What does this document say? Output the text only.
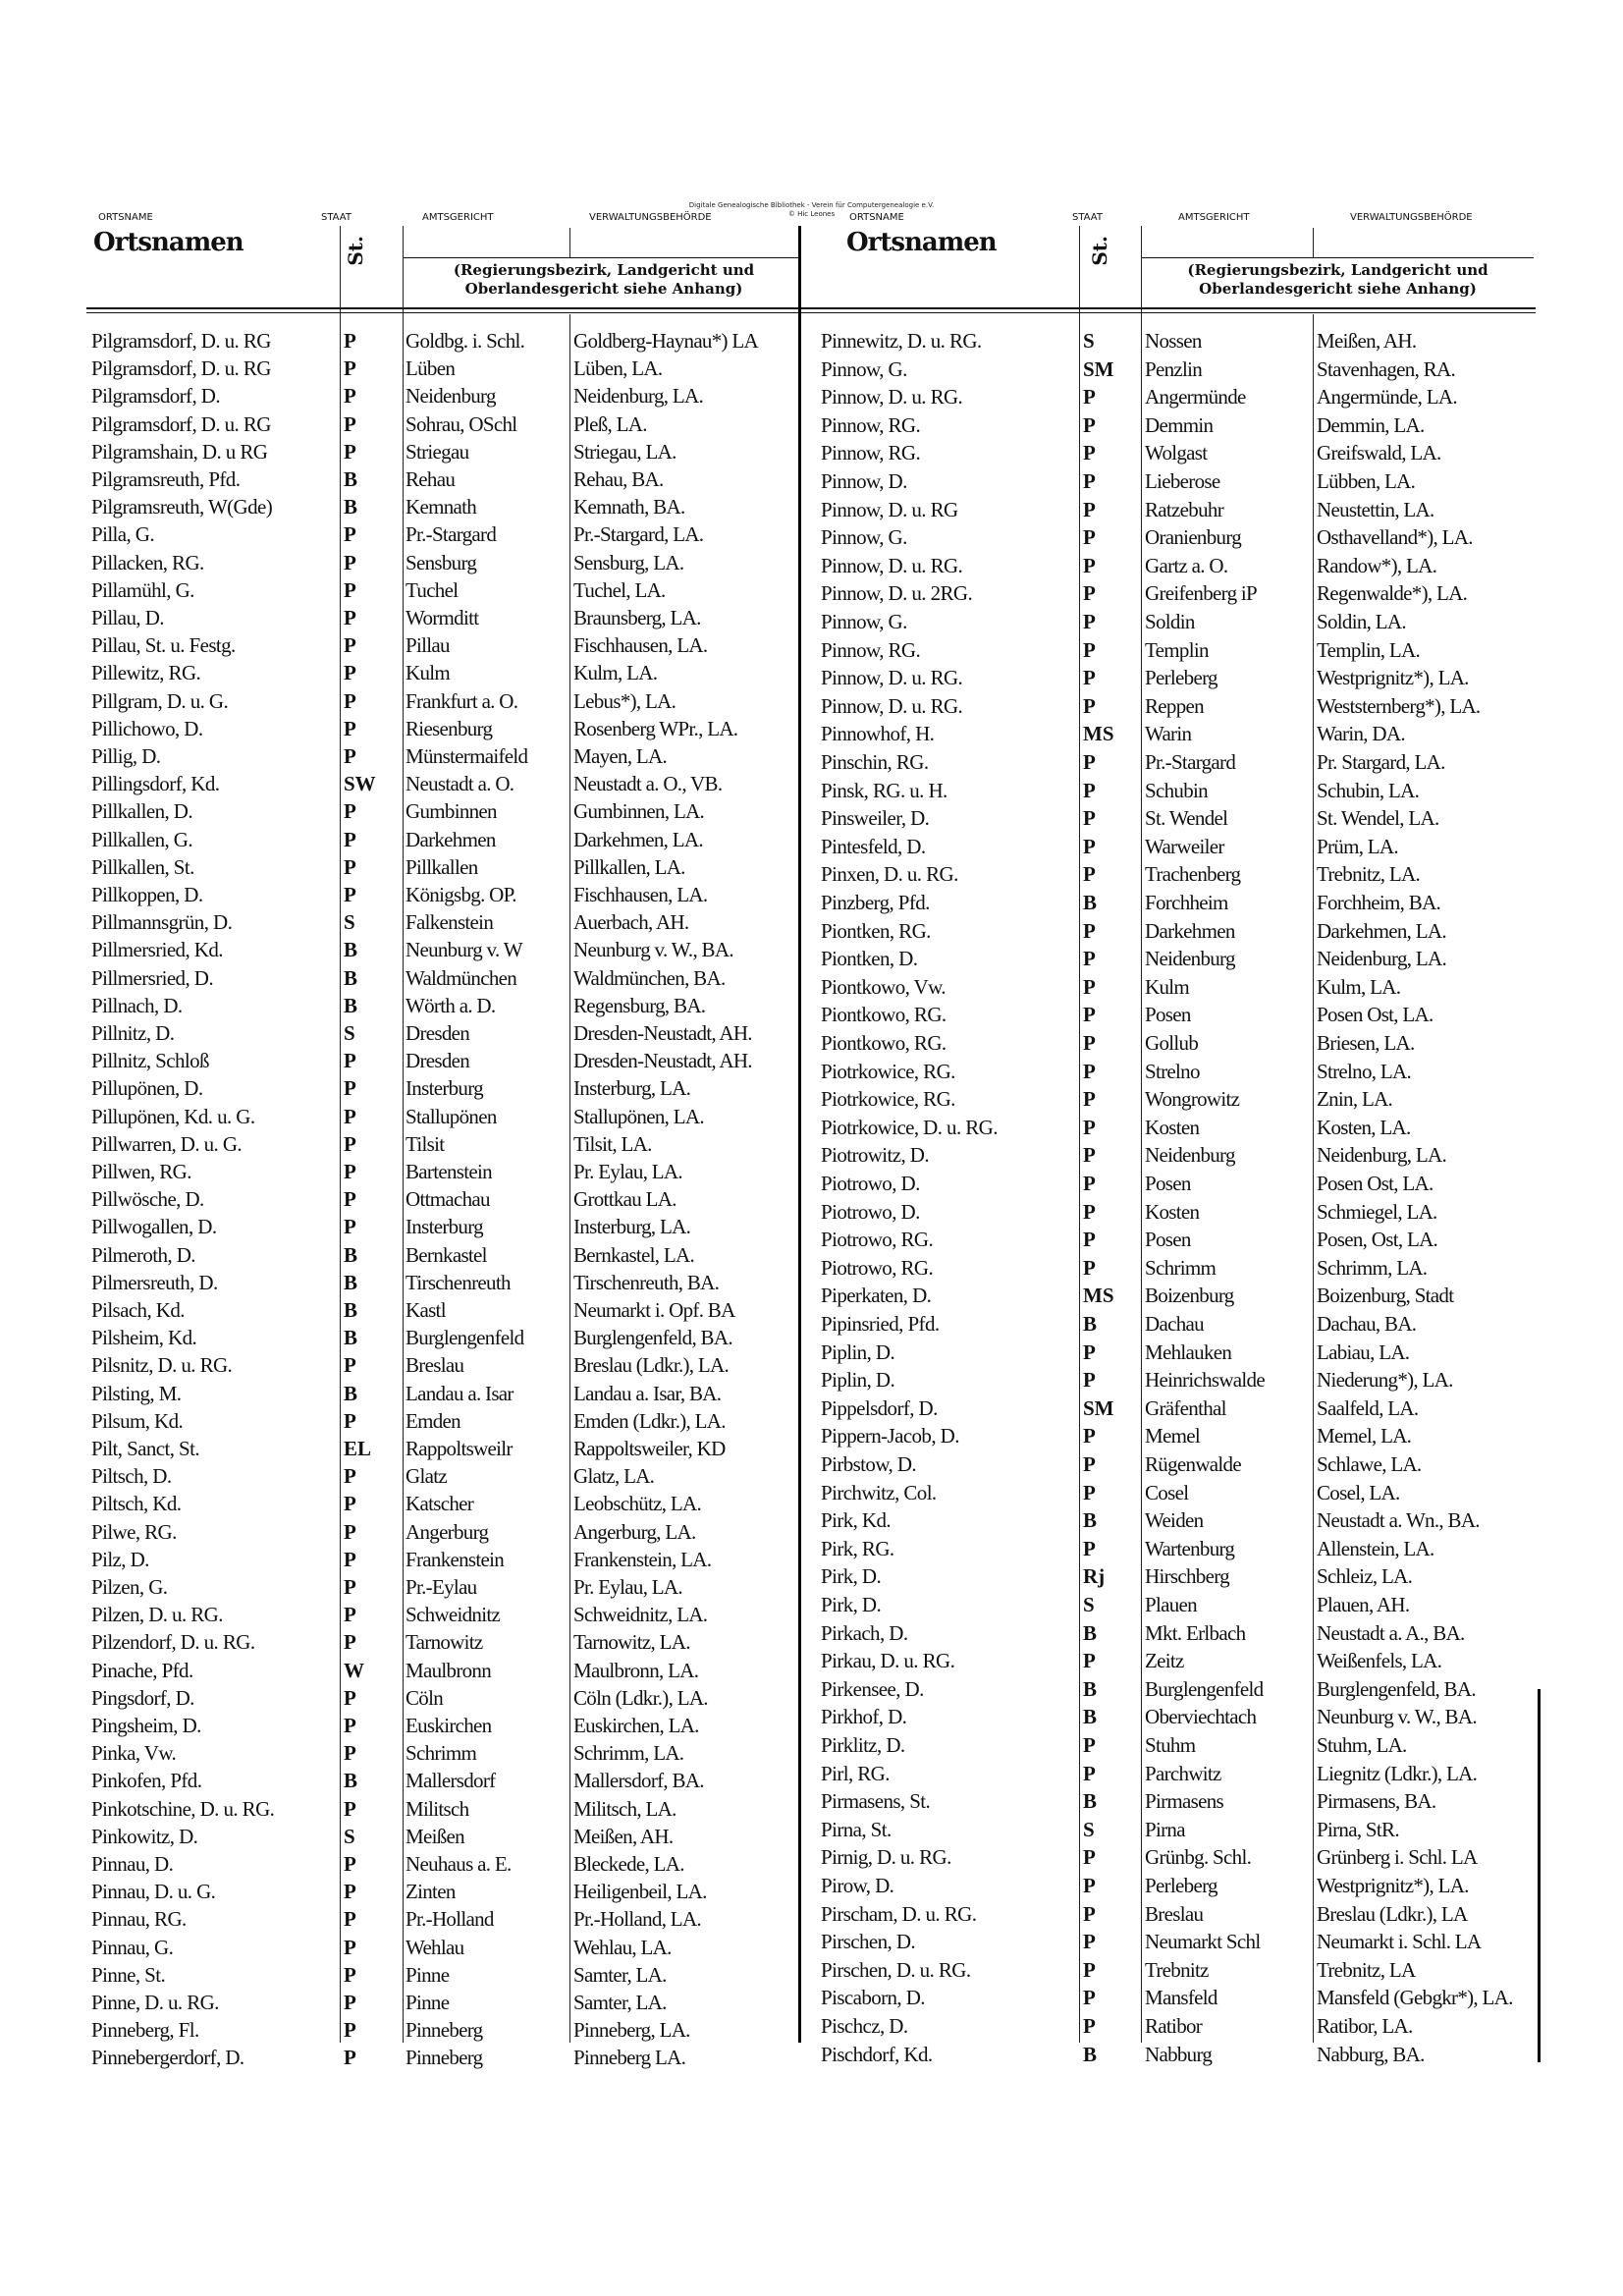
Digitale Genealogische Bibliothek - Verein für Computergenealogie e.V.
© Hic Leones
ORTSNAME	STAAT	AMTSGERICHT	VERWALTUNGSBEHÖRDE	ORTSNAME	STAAT	AMTSGERICHT	VERWALTUNGSBEHÖRDE
Ortsnamen	St.
(Regierungsbezirk, Landgericht und Oberlandesgericht siehe Anhang)
Ortsnamen	St.
(Regierungsbezirk, Landgericht und Oberlandesgericht siehe Anhang)
Pilgramsdorf, D. u. RG	P	Goldbg. i. Schl.	Goldberg-Haynau*) LA
Pilgramsdorf, D. u. RG	P	Lüben	Lüben, LA.
Pilgramsdorf, D.	P	Neidenburg	Neidenburg, LA.
Pilgramsdorf, D. u. RG	P	Sohrau, OSchl	Pleß, LA.
Pilgramshain, D. u RG	P	Striegau	Striegau, LA.
Pilgramsreuth, Pfd.	B	Rehau	Rehau, BA.
Pilgramsreuth, W(Gde)	B	Kemnath	Kemnath, BA.
Pilla, G.	P	Pr.-Stargard	Pr.-Stargard, LA.
Pillacken, RG.	P	Sensburg	Sensburg, LA.
Pillamühl, G.	P	Tuchel	Tuchel, LA.
Pillau, D.	P	Wormditt	Braunsberg, LA.
Pillau, St. u. Festg.	P	Pillau	Fischhausen, LA.
Pillewitz, RG.	P	Kulm	Kulm, LA.
Pillgram, D. u. G.	P	Frankfurt a. O.	Lebus*), LA.
Pillichowo, D.	P	Riesenburg	Rosenberg WPr., LA.
Pillig, D.	P	Münstermaifeld	Mayen, LA.
Pillingsdorf, Kd.	SW	Neustadt a. O.	Neustadt a. O., VB.
Pillkallen, D.	P	Gumbinnen	Gumbinnen, LA.
Pillkallen, G.	P	Darkehmen	Darkehmen, LA.
Pillkallen, St.	P	Pillkallen	Pillkallen, LA.
Pillkoppen, D.	P	Königsbg. OP.	Fischhausen, LA.
Pillmannsgrün, D.	S	Falkenstein	Auerbach, AH.
Pillmersried, Kd.	B	Neunburg v. W	Neunburg v. W., BA.
Pillmersried, D.	B	Waldmünchen	Waldmünchen, BA.
Pillnach, D.	B	Wörth a. D.	Regensburg, BA.
Pillnitz, D.	S	Dresden	Dresden-Neustadt, AH.
Pillnitz, Schloß	P	Dresden	Dresden-Neustadt, AH.
Pillupönen, D.	P	Insterburg	Insterburg, LA.
Pillupönen, Kd. u. G.	P	Stallupönen	Stallupönen, LA.
Pillwarren, D. u. G.	P	Tilsit	Tilsit, LA.
Pillwen, RG.	P	Bartenstein	Pr. Eylau, LA.
Pillwösche, D.	P	Ottmachau	Grottkau LA.
Pillwogallen, D.	P	Insterburg	Insterburg, LA.
Pilmeroth, D.	B	Bernkastel	Bernkastel, LA.
Pilmersreuth, D.	B	Tirschenreuth	Tirschenreuth, BA.
Pilsach, Kd.	B	Kastl	Neumarkt i. Opf. BA
Pilsheim, Kd.	B	Burglengenfeld	Burglengenfeld, BA.
Pilsnitz, D. u. RG.	P	Breslau	Breslau (Ldkr.), LA.
Pilsting, M.	B	Landau a. Isar	Landau a. Isar, BA.
Pilsum, Kd.	P	Emden	Emden (Ldkr.), LA.
Pilt, Sanct, St.	EL	Rappoltsweilr	Rappoltsweiler, KD
Piltsch, D.	P	Glatz	Glatz, LA.
Piltsch, Kd.	P	Katscher	Leobschütz, LA.
Pilwe, RG.	P	Angerburg	Angerburg, LA.
Pilz, D.	P	Frankenstein	Frankenstein, LA.
Pilzen, G.	P	Pr.-Eylau	Pr. Eylau, LA.
Pilzen, D. u. RG.	P	Schweidnitz	Schweidnitz, LA.
Pilzendorf, D. u. RG.	P	Tarnowitz	Tarnowitz, LA.
Pinache, Pfd.	W	Maulbronn	Maulbronn, LA.
Pingsdorf, D.	P	Cöln	Cöln (Ldkr.), LA.
Pingsheim, D.	P	Euskirchen	Euskirchen, LA.
Pinka, Vw.	P	Schrimm	Schrimm, LA.
Pinkofen, Pfd.	B	Mallersdorf	Mallersdorf, BA.
Pinkotschine, D. u. RG.	P	Militsch	Militsch, LA.
Pinkowitz, D.	S	Meißen	Meißen, AH.
Pinnau, D.	P	Neuhaus a. E.	Bleckede, LA.
Pinnau, D. u. G.	P	Zinten	Heiligenbeil, LA.
Pinnau, RG.	P	Pr.-Holland	Pr.-Holland, LA.
Pinnau, G.	P	Wehlau	Wehlau, LA.
Pinne, St.	P	Pinne	Samter, LA.
Pinne, D. u. RG.	P	Pinne	Samter, LA.
Pinneberg, Fl.	P	Pinneberg	Pinneberg, LA.
Pinnebergerdorf, D.	P	Pinneberg	Pinneberg LA.
Pinnewitz, D. u. RG.	S	Nossen	Meißen, AH.
Pinnow, G.	SM	Penzlin	Stavenhagen, RA.
Pinnow, D. u. RG.	P	Angermünde	Angermünde, LA.
Pinnow, RG.	P	Demmin	Demmin, LA.
Pinnow, RG.	P	Wolgast	Greifswald, LA.
Pinnow, D.	P	Lieberose	Lübben, LA.
Pinnow, D. u. RG	P	Ratzebuhr	Neustettin, LA.
Pinnow, G.	P	Oranienburg	Osthavelland*), LA.
Pinnow, D. u. RG.	P	Gartz a. O.	Randow*), LA.
Pinnow, D. u. 2RG.	P	Greifenberg iP	Regenwalde*), LA.
Pinnow, G.	P	Soldin	Soldin, LA.
Pinnow, RG.	P	Templin	Templin, LA.
Pinnow, D. u. RG.	P	Perleberg	Westprignitz*), LA.
Pinnow, D. u. RG.	P	Reppen	Weststernberg*), LA.
Pinnowhof, H.	MS	Warin	Warin, DA.
Pinschin, RG.	P	Pr.-Stargard	Pr. Stargard, LA.
Pinsk, RG. u. H.	P	Schubin	Schubin, LA.
Pinsweiler, D.	P	St. Wendel	St. Wendel, LA.
Pintesfeld, D.	P	Warweiler	Prüm, LA.
Pinxen, D. u. RG.	P	Trachenberg	Trebnitz, LA.
Pinzberg, Pfd.	B	Forchheim	Forchheim, BA.
Piontken, RG.	P	Darkehmen	Darkehmen, LA.
Piontken, D.	P	Neidenburg	Neidenburg, LA.
Piontkowo, Vw.	P	Kulm	Kulm, LA.
Piontkowo, RG.	P	Posen	Posen Ost, LA.
Piontkowo, RG.	P	Gollub	Briesen, LA.
Piotrkowice, RG.	P	Strelno	Strelno, LA.
Piotrkowice, RG.	P	Wongrowitz	Znin, LA.
Piotrkowice, D. u. RG.	P	Kosten	Kosten, LA.
Piotrowitz, D.	P	Neidenburg	Neidenburg, LA.
Piotrowo, D.	P	Posen	Posen Ost, LA.
Piotrowo, D.	P	Kosten	Schmiegel, LA.
Piotrowo, RG.	P	Posen	Posen, Ost, LA.
Piotrowo, RG.	P	Schrimm	Schrimm, LA.
Piperkaten, D.	MS	Boizenburg	Boizenburg, Stadt
Pipinsried, Pfd.	B	Dachau	Dachau, BA.
Piplin, D.	P	Mehlauken	Labiau, LA.
Piplin, D.	P	Heinrichswalde	Niederung*), LA.
Pippelsdorf, D.	SM	Gräfenthal	Saalfeld, LA.
Pippern-Jacob, D.	P	Memel	Memel, LA.
Pirbstow, D.	P	Rügenwalde	Schlawe, LA.
Pirchwitz, Col.	P	Cosel	Cosel, LA.
Pirk, Kd.	B	Weiden	Neustadt a. Wn., BA.
Pirk, RG.	P	Wartenburg	Allenstein, LA.
Pirk, D.	Rj	Hirschberg	Schleiz, LA.
Pirk, D.	S	Plauen	Plauen, AH.
Pirkach, D.	B	Mkt. Erlbach	Neustadt a. A., BA.
Pirkau, D. u. RG.	P	Zeitz	Weißenfels, LA.
Pirkensee, D.	B	Burglengenfeld	Burglengenfeld, BA.
Pirkhof, D.	B	Oberviechtach	Neunburg v. W., BA.
Pirklitz, D.	P	Stuhm	Stuhm, LA.
Pirl, RG.	P	Parchwitz	Liegnitz (Ldkr.), LA.
Pirmasens, St.	B	Pirmasens	Pirmasens, BA.
Pirna, St.	S	Pirna	Pirna, StR.
Pirnig, D. u. RG.	P	Grünbg. Schl.	Grünberg i. Schl. LA
Pirow, D.	P	Perleberg	Westprignitz*), LA.
Pirscham, D. u. RG.	P	Breslau	Breslau (Ldkr.), LA
Pirschen, D.	P	Neumarkt Schl	Neumarkt i. Schl. LA
Pirschen, D. u. RG.	P	Trebnitz	Trebnitz, LA
Piscaborn, D.	P	Mansfeld	Mansfeld (Gebgkr*), LA.
Pischcz, D.	P	Ratibor	Ratibor, LA.
Pischdorf, Kd.	B	Nabburg	Nabburg, BA.
